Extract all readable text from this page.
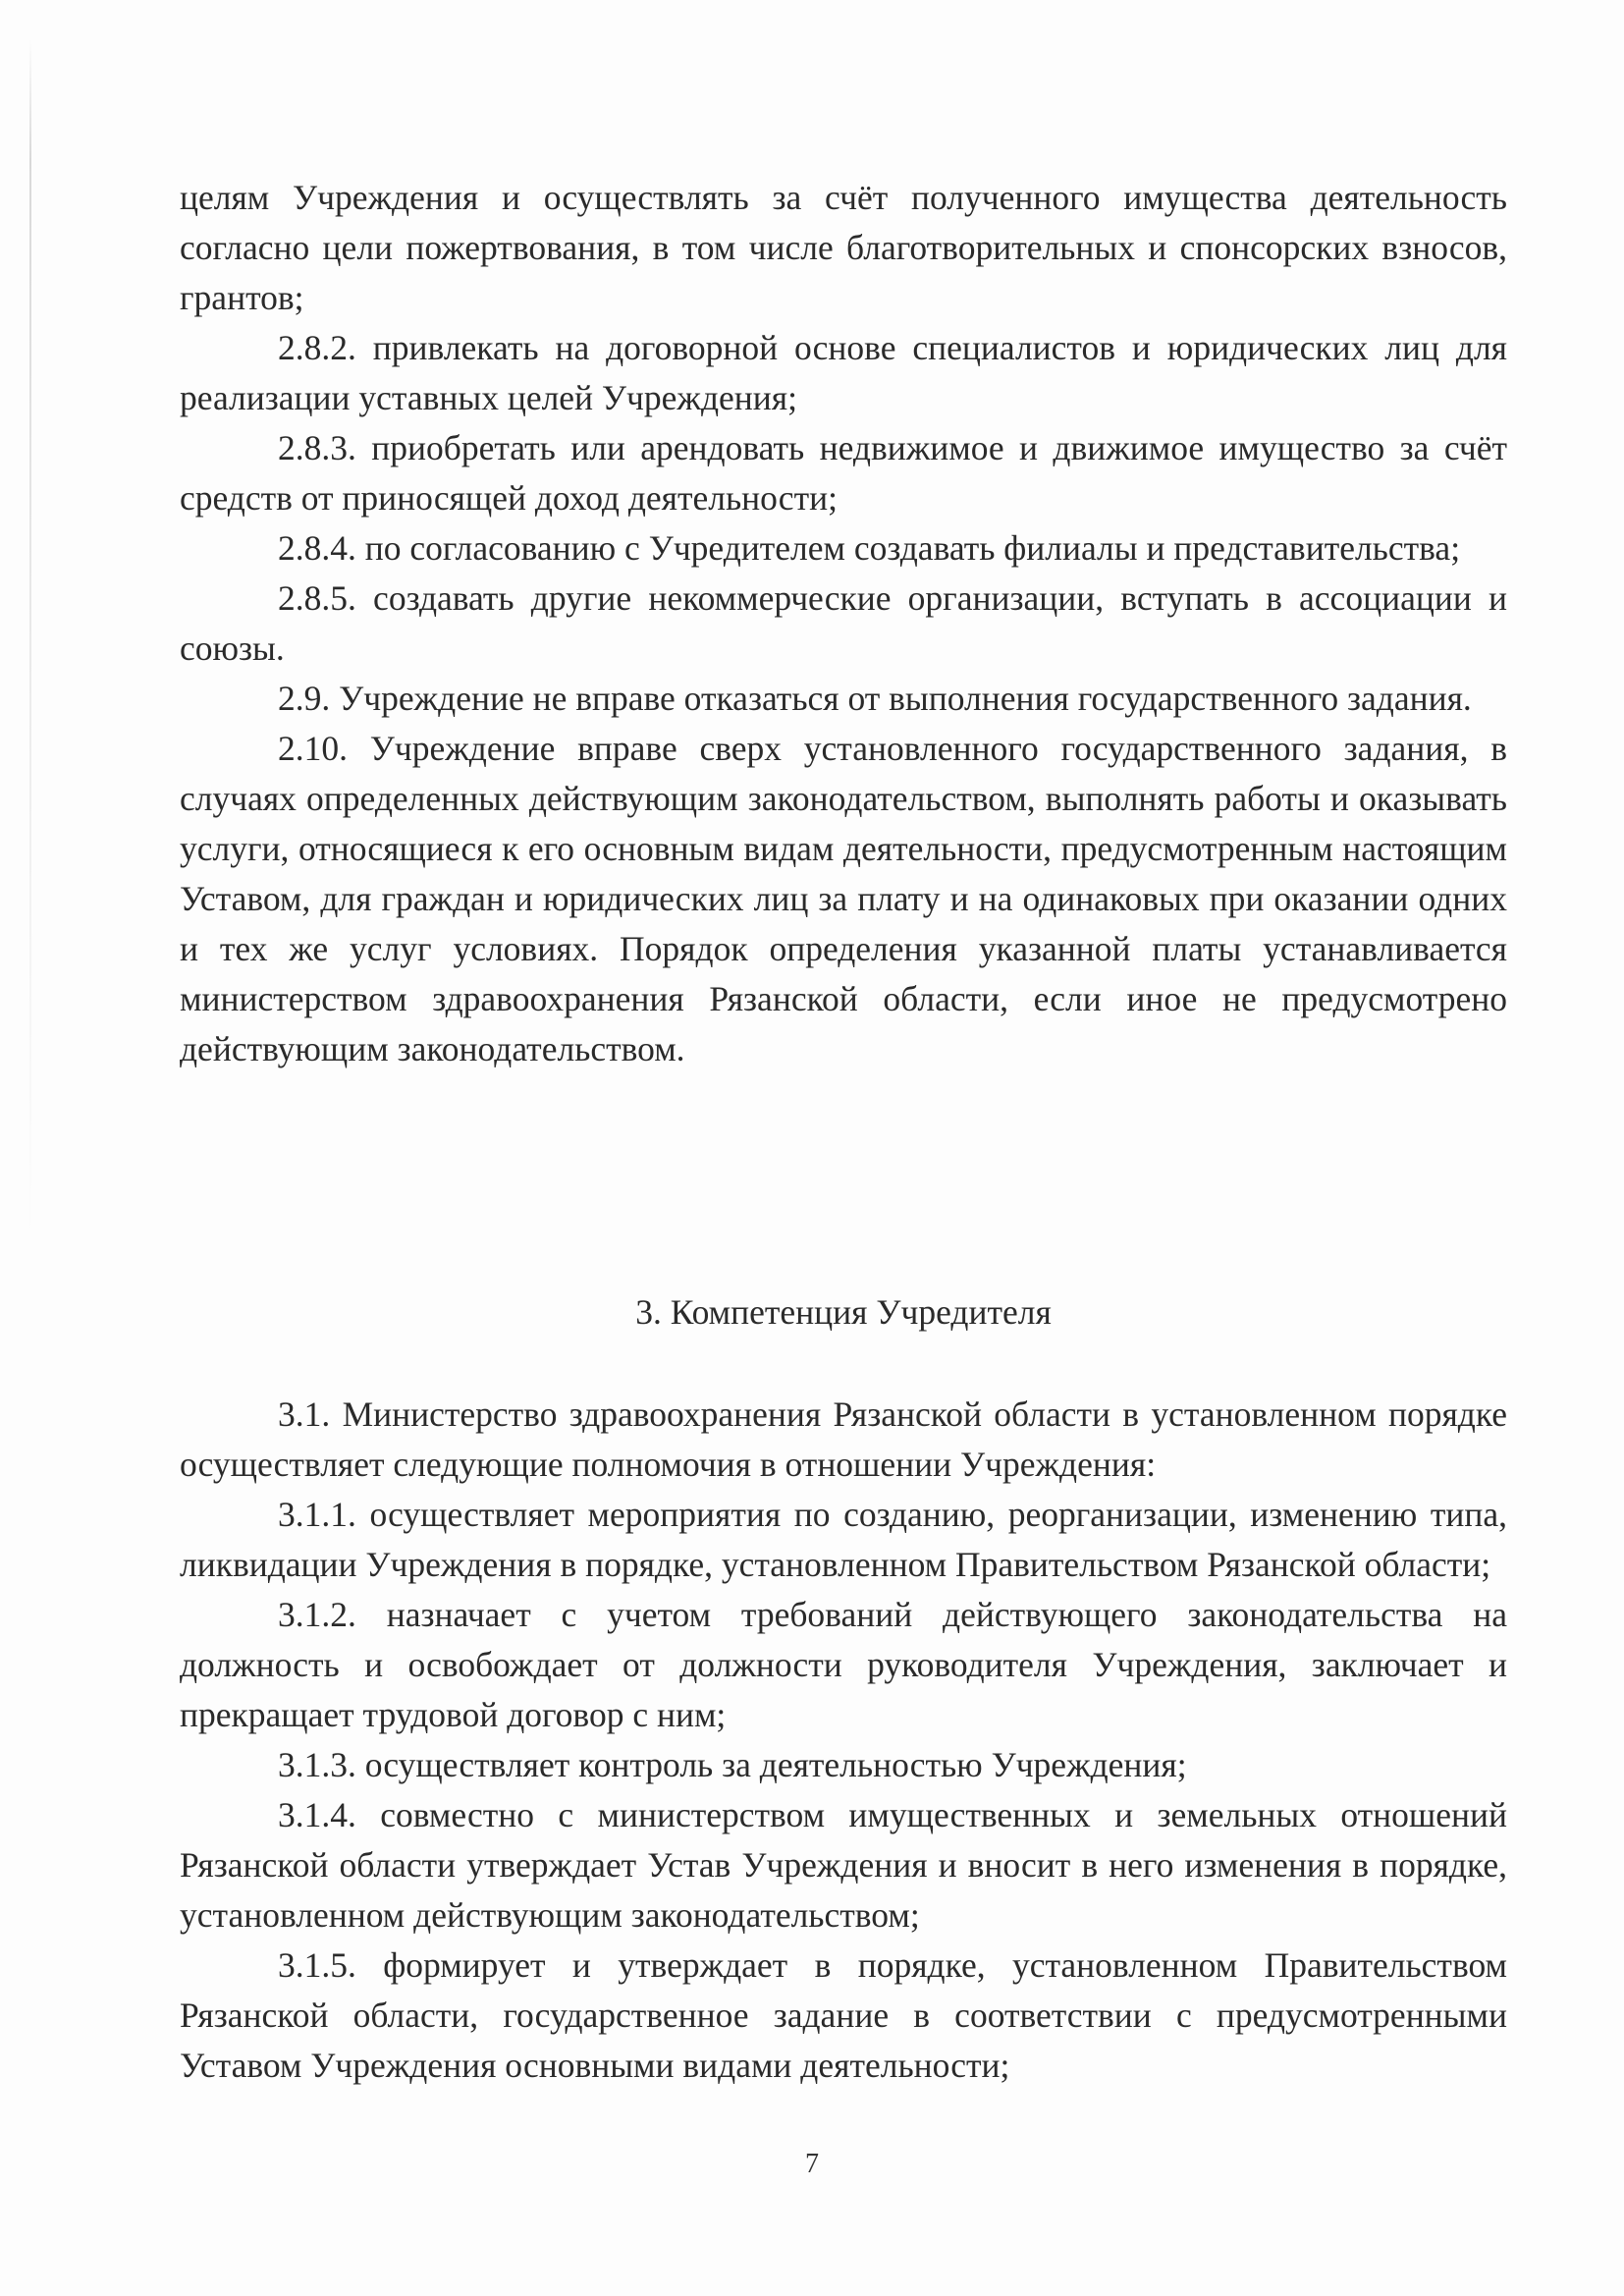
целям Учреждения и осуществлять за счёт полученного имущества деятельность согласно цели пожертвования, в том числе благотворительных и спонсорских взносов, грантов;

2.8.2. привлекать на договорной основе специалистов и юридических лиц для реализации уставных целей Учреждения;

2.8.3. приобретать или арендовать недвижимое и движимое имущество за счёт средств от приносящей доход деятельности;

2.8.4. по согласованию с Учредителем создавать филиалы и представительства;

2.8.5. создавать другие некоммерческие организации, вступать в ассоциации и союзы.

2.9. Учреждение не вправе отказаться от выполнения государственного задания.

2.10. Учреждение вправе сверх установленного государственного задания, в случаях определенных действующим законодательством, выполнять работы и оказывать услуги, относящиеся к его основным видам деятельности, предусмотренным настоящим Уставом, для граждан и юридических лиц за плату и на одинаковых при оказании одних и тех же услуг условиях. Порядок определения указанной платы устанавливается министерством здравоохранения Рязанской области, если иное не предусмотрено действующим законодательством.

3. Компетенция Учредителя

3.1. Министерство здравоохранения Рязанской области в установленном порядке осуществляет следующие полномочия в отношении Учреждения:

3.1.1. осуществляет мероприятия по созданию, реорганизации, изменению типа, ликвидации Учреждения в порядке, установленном Правительством Рязанской области;

3.1.2. назначает с учетом требований действующего законодательства на должность и освобождает от должности руководителя Учреждения, заключает и прекращает трудовой договор с ним;

3.1.3. осуществляет контроль за деятельностью Учреждения;

3.1.4. совместно с министерством имущественных и земельных отношений Рязанской области утверждает Устав Учреждения и вносит в него изменения в порядке, установленном действующим законодательством;

3.1.5. формирует и утверждает в порядке, установленном Правительством Рязанской области, государственное задание в соответствии с предусмотренными Уставом Учреждения основными видами деятельности;

7
